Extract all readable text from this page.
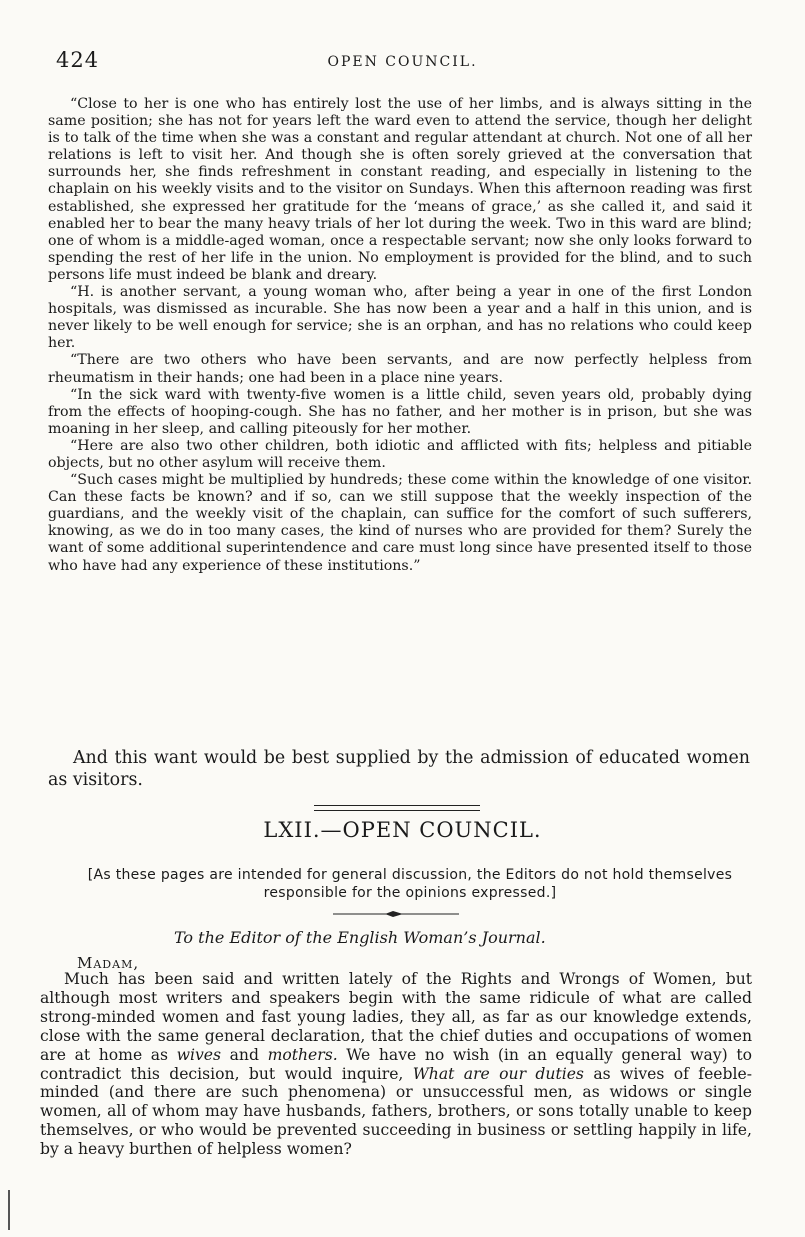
424	OPEN COUNCIL.

“Close to her is one who has entirely lost the use of her limbs, and is always sitting in the same position; she has not for years left the ward even to attend the service, though her delight is to talk of the time when she was a constant and regular attendant at church. Not one of all her relations is left to visit her. And though she is often sorely grieved at the conversation that surrounds her, she finds refreshment in constant reading, and especially in listening to the chaplain on his weekly visits and to the visitor on Sundays. When this afternoon reading was first established, she expressed her gratitude for the ‘means of grace,’ as she called it, and said it enabled her to bear the many heavy trials of her lot during the week. Two in this ward are blind; one of whom is a middle-aged woman, once a respectable servant; now she only looks forward to spending the rest of her life in the union. No employment is provided for the blind, and to such persons life must indeed be blank and dreary.

“H. is another servant, a young woman who, after being a year in one of the first London hospitals, was dismissed as incurable. She has now been a year and a half in this union, and is never likely to be well enough for service; she is an orphan, and has no relations who could keep her.

“There are two others who have been servants, and are now perfectly helpless from rheumatism in their hands; one had been in a place nine years.

“In the sick ward with twenty-five women is a little child, seven years old, probably dying from the effects of hooping-cough. She has no father, and her mother is in prison, but she was moaning in her sleep, and calling piteously for her mother.

“Here are also two other children, both idiotic and afflicted with fits; helpless and pitiable objects, but no other asylum will receive them.

“Such cases might be multiplied by hundreds; these come within the knowledge of one visitor. Can these facts be known? and if so, can we still suppose that the weekly inspection of the guardians, and the weekly visit of the chaplain, can suffice for the comfort of such sufferers, knowing, as we do in too many cases, the kind of nurses who are provided for them? Surely the want of some additional superintendence and care must long since have presented itself to those who have had any experience of these institutions.”

And this want would be best supplied by the admission of educated women as visitors.

LXII.—OPEN COUNCIL.
[As these pages are intended for general discussion, the Editors do not hold themselves responsible for the opinions expressed.]
To the Editor of the English Woman’s Journal.
Madam,

Much has been said and written lately of the Rights and Wrongs of Women, but although most writers and speakers begin with the same ridicule of what are called strong-minded women and fast young ladies, they all, as far as our knowledge extends, close with the same general declaration, that the chief duties and occupations of women are at home as wives and mothers. We have no wish (in an equally general way) to contradict this decision, but would inquire, What are our duties as wives of feeble-minded (and there are such phenomena) or unsuccessful men, as widows or single women, all of whom may have husbands, fathers, brothers, or sons totally unable to keep themselves, or who would be prevented succeeding in business or settling happily in life, by a heavy burthen of helpless women?
